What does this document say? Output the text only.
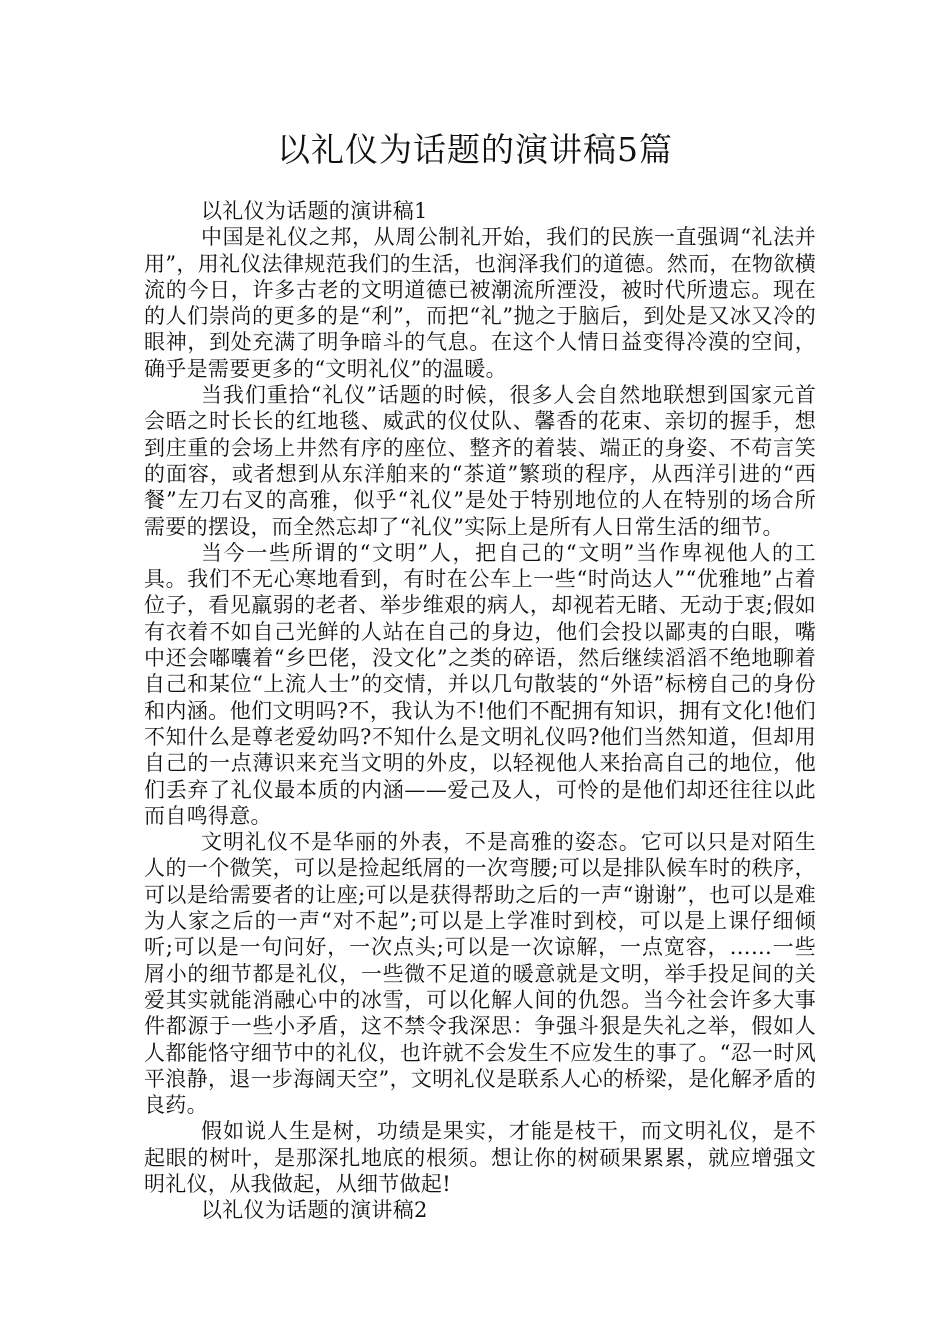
以礼仪为话题的演讲稿5篇

以礼仪为话题的演讲稿1

中国是礼仪之邦，从周公制礼开始，我们的民族一直强调“礼法并用”，用礼仪法律规范我们的生活，也润泽我们的道德。然而，在物欲横流的今日，许多古老的文明道德已被潮流所湮没，被时代所遗忘。现在的人们崇尚的更多的是“利”，而把“礼”抛之于脑后，到处是又冰又冷的眼神，到处充满了明争暗斗的气息。在这个人情日益变得冷漠的空间，确乎是需要更多的“文明礼仪”的温暖。

当我们重拾“礼仪”话题的时候，很多人会自然地联想到国家元首会晤之时长长的红地毯、威武的仪仗队、馨香的花束、亲切的握手，想到庄重的会场上井然有序的座位、整齐的着装、端正的身姿、不苟言笑的面容，或者想到从东洋舶来的“茶道”繁琐的程序，从西洋引进的“西餐”左刀右叉的高雅，似乎“礼仪”是处于特别地位的人在特别的场合所需要的摆设，而全然忘却了“礼仪”实际上是所有人日常生活的细节。

当今一些所谓的“文明”人，把自己的“文明”当作卑视他人的工具。我们不无心寒地看到，有时在公车上一些“时尚达人”“优雅地”占着位子，看见羸弱的老者、举步维艰的病人，却视若无睹、无动于衷;假如有衣着不如自己光鲜的人站在自己的身边，他们会投以鄙夷的白眼，嘴中还会嘟囔着“乡巴佬，没文化”之类的碎语，然后继续滔滔不绝地聊着自己和某位“上流人士”的交情，并以几句散装的“外语”标榜自己的身份和内涵。他们文明吗?不，我认为不!他们不配拥有知识，拥有文化!他们不知什么是尊老爱幼吗?不知什么是文明礼仪吗?他们当然知道，但却用自己的一点薄识来充当文明的外皮，以轻视他人来抬高自己的地位，他们丢弃了礼仪最本质的内涵——爱己及人，可怜的是他们却还往往以此而自鸣得意。

文明礼仪不是华丽的外表，不是高雅的姿态。它可以只是对陌生人的一个微笑，可以是捡起纸屑的一次弯腰;可以是排队候车时的秩序，可以是给需要者的让座;可以是获得帮助之后的一声“谢谢”，也可以是难为人家之后的一声“对不起”;可以是上学准时到校，可以是上课仔细倾听;可以是一句问好，一次点头;可以是一次谅解，一点宽容，……一些屑小的细节都是礼仪，一些微不足道的暖意就是文明，举手投足间的关爱其实就能消融心中的冰雪，可以化解人间的仇怨。当今社会许多大事件都源于一些小矛盾，这不禁令我深思：争强斗狠是失礼之举，假如人人都能恪守细节中的礼仪，也许就不会发生不应发生的事了。“忍一时风平浪静，退一步海阔天空”，文明礼仪是联系人心的桥梁，是化解矛盾的良药。

假如说人生是树，功绩是果实，才能是枝干，而文明礼仪，是不起眼的树叶，是那深扎地底的根须。想让你的树硕果累累，就应增强文明礼仪，从我做起，从细节做起!

以礼仪为话题的演讲稿2
